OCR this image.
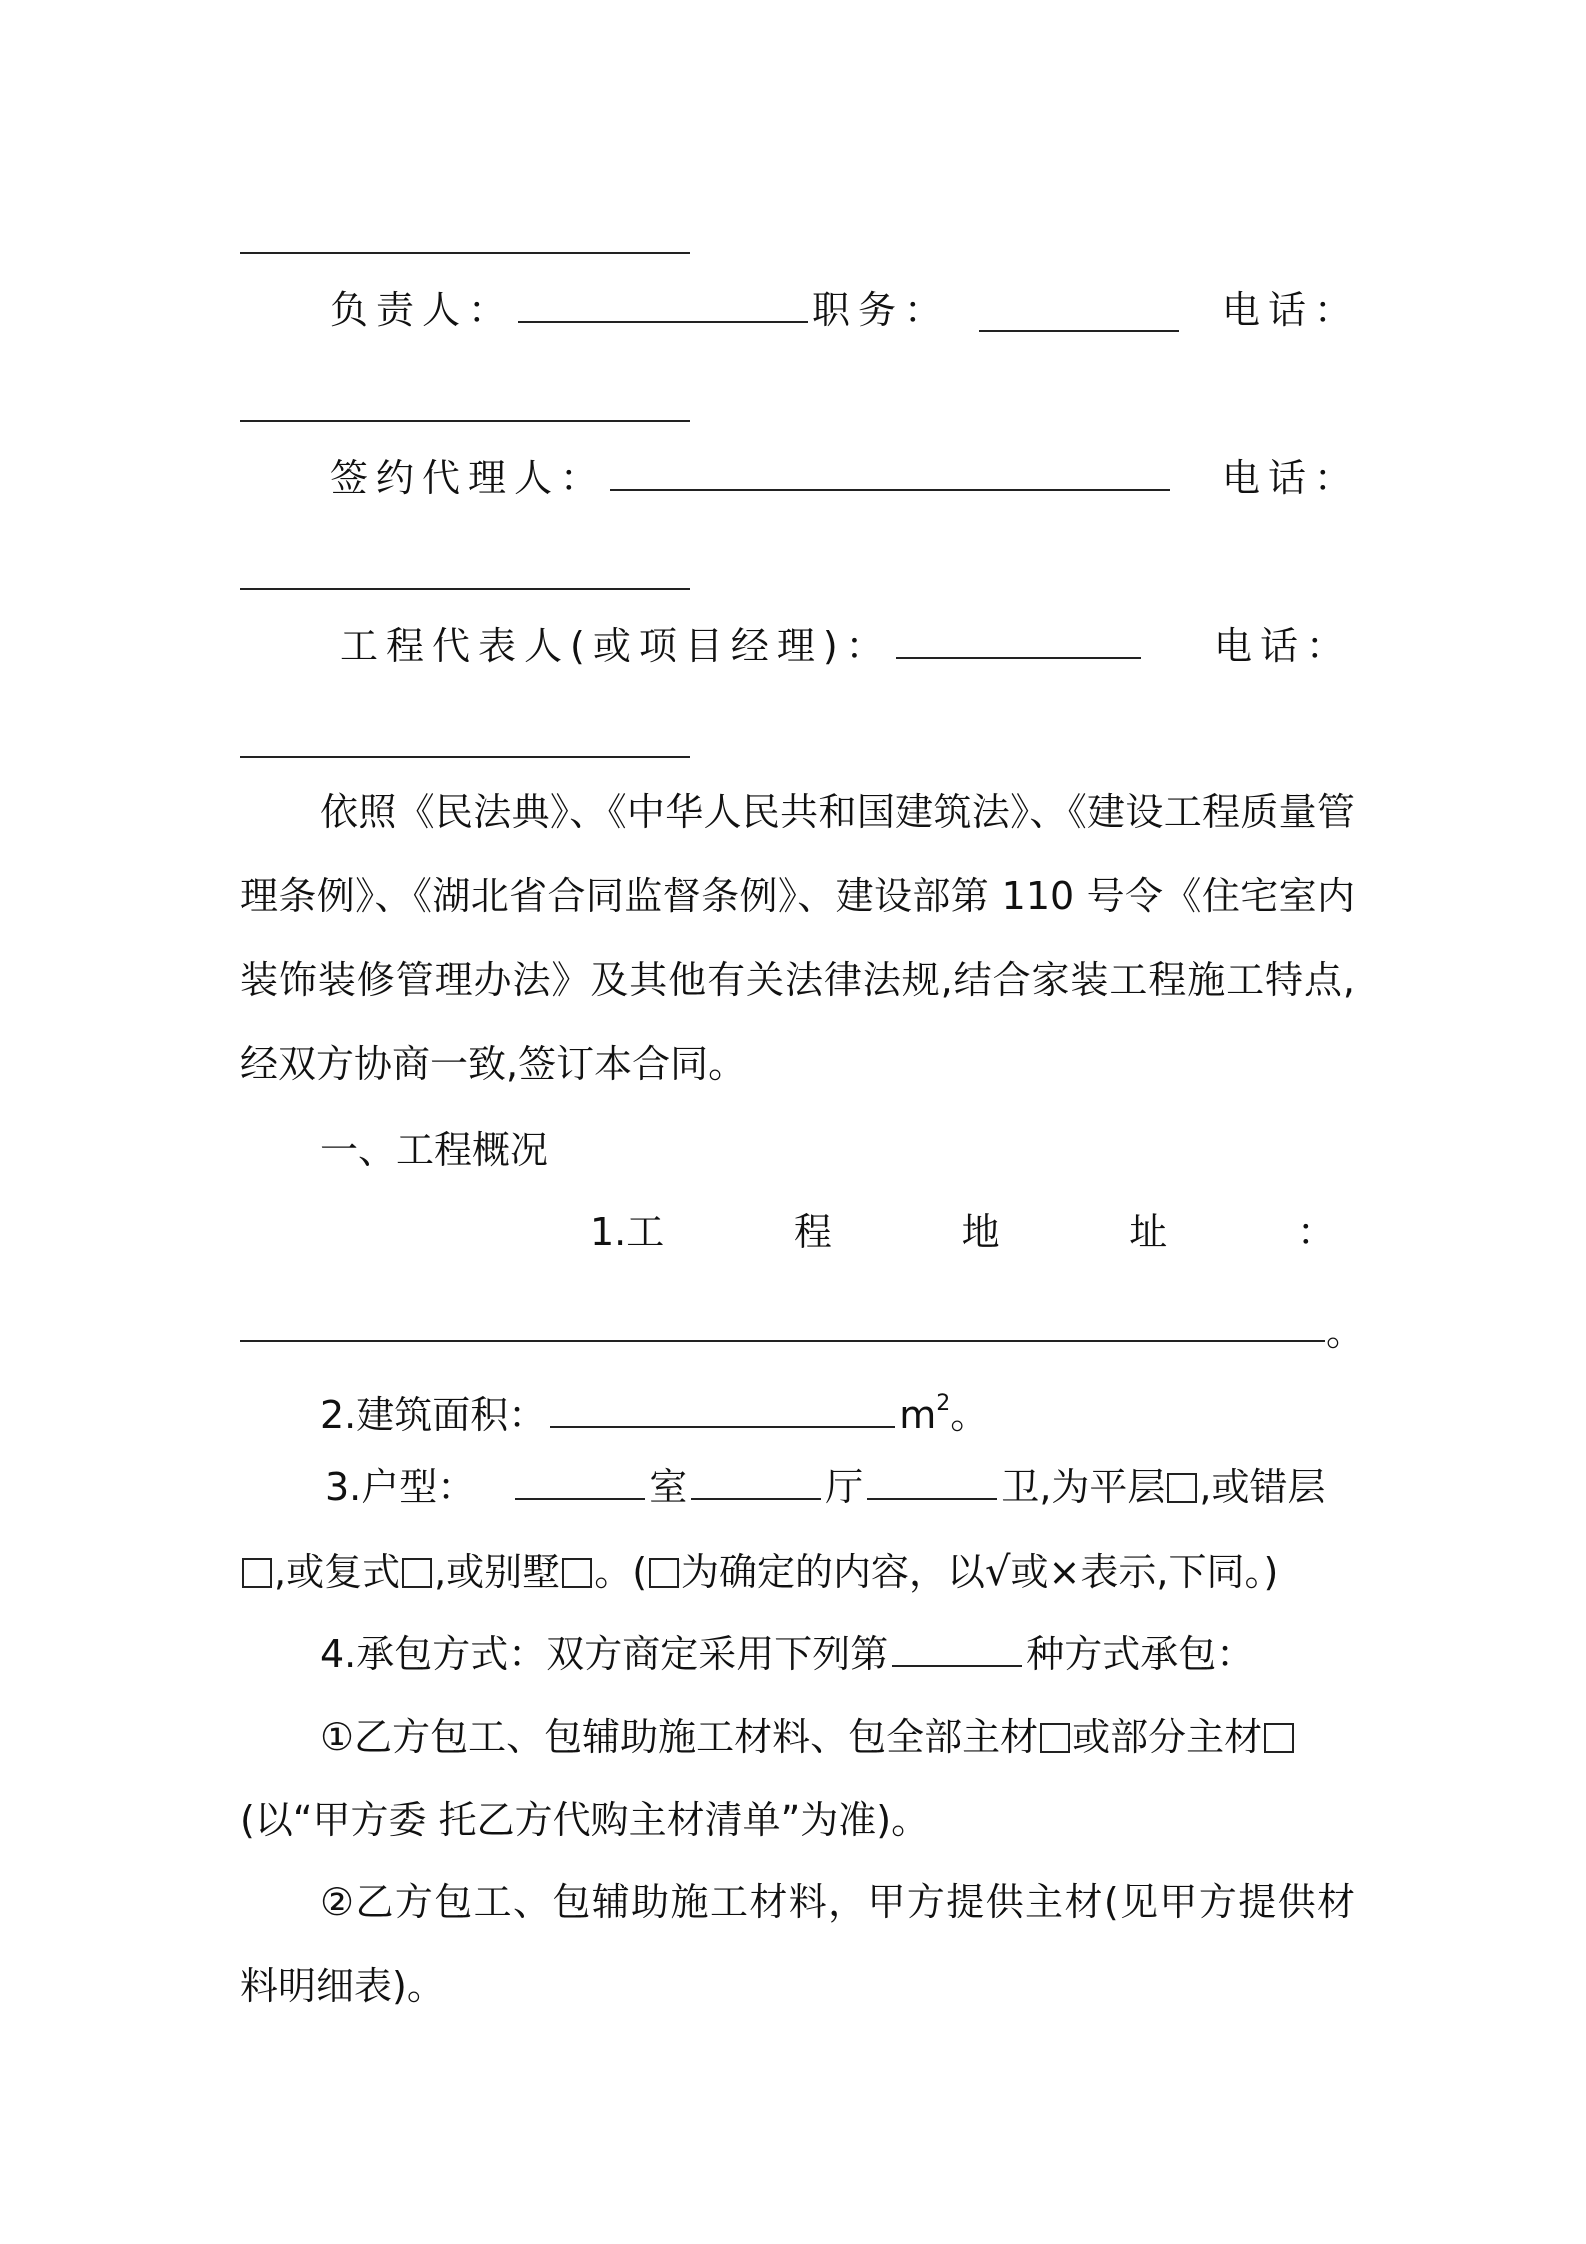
负责人：	职务：	电话：
签约代理人：	电话：
工程代表人(或项目经理)：	电话：

依照《民法典》、《中华人民共和国建筑法》、《建设工程质量管理条例》、《湖北省合同监督条例》、建设部第 110 号令《住宅室内装饰装修管理办法》及其他有关法律法规,结合家装工程施工特点,经双方协商一致,签订本合同。

一、工程概况
1.工	程	地	址	：
。
2.建筑面积：	$m^2$。
3.户型：	室	厅	卫,为平层 ,或错层
,或复式 ,或别墅 。( 为确定的内容，以√或×表示,下同。)
4.承包方式：双方商定采用下列第	种方式承包：
①乙方包工、包辅助施工材料、包全部主材 或部分主材
(以“甲方委 托乙方代购主材清单”为准)。

②乙方包工、包辅助施工材料，甲方提供主材(见甲方提供材料明细表)。
